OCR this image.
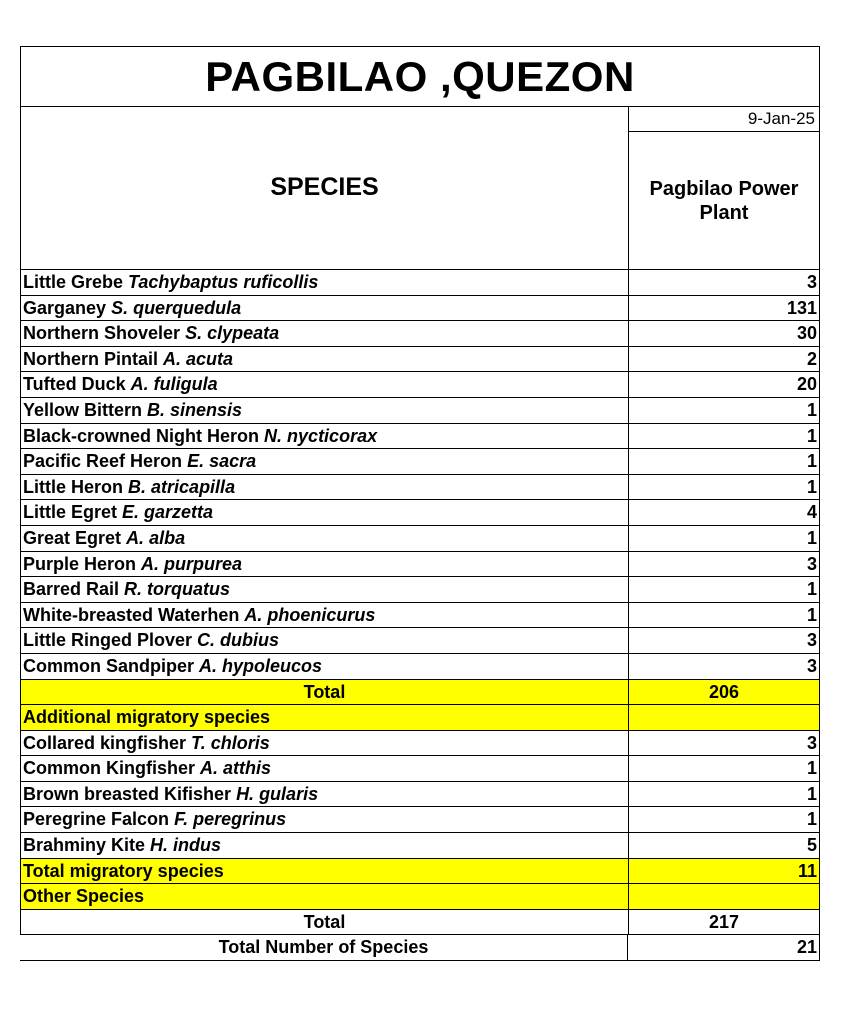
PAGBILAO ,QUEZON
SPECIES
9-Jan-25
Pagbilao Power
Plant
Little Grebe Tachybaptus ruficollis	3
Garganey S. querquedula	131
Northern Shoveler S. clypeata	30
Northern Pintail A. acuta	2
Tufted Duck A. fuligula	20
Yellow Bittern B. sinensis	1
Black-crowned Night Heron N. nycticorax	1
Pacific Reef Heron E. sacra	1
Little Heron B. atricapilla	1
Little Egret E. garzetta	4
Great Egret A. alba	1
Purple Heron A. purpurea	3
Barred Rail R. torquatus	1
White-breasted Waterhen A. phoenicurus	1
Little Ringed Plover C. dubius	3
Common Sandpiper A. hypoleucos	3
Total	206
Additional migratory species
Collared kingfisher T. chloris	3
Common Kingfisher A. atthis	1
Brown breasted Kifisher H. gularis	1
Peregrine Falcon F. peregrinus	1
Brahminy Kite H. indus	5
Total migratory species	11
Other Species
Total	217
Total Number of Species	21
